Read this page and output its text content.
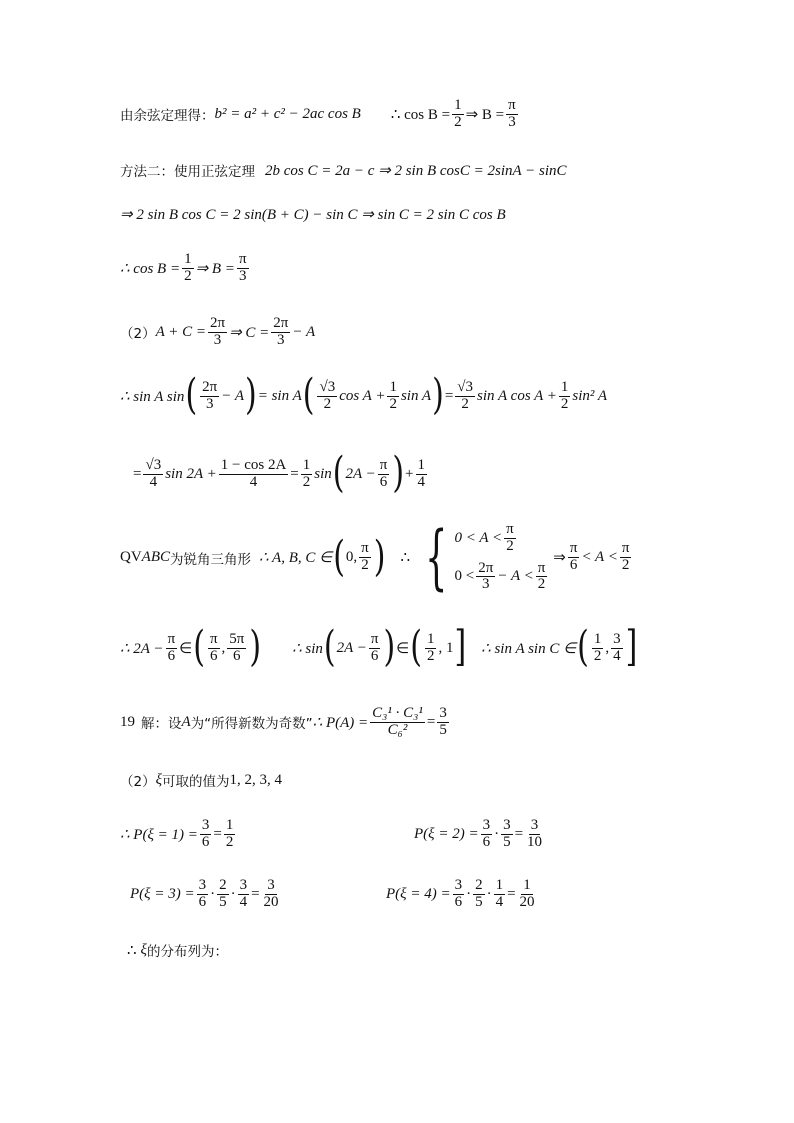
由余弦定理得： b² = a² + c² − 2ac cos B ∴ $\cos B = \frac{1}{2}$ ⇒ $B = \frac{\pi}{3}$
方法二：使用正弦定理 2b cos C = 2a − c ⇒ 2 sin B cosC = 2sinA − sinC
⇒ 2 sin B cos C = 2 sin(B + C) − sin C ⇒ sin C = 2 sin C cos B
∴ $\cos B = \frac{1}{2}$ ⇒ $B = \frac{\pi}{3}$
（2） $A + C = \frac{2\pi}{3}$ ⇒ $C = \frac{2\pi}{3} - A$
∴ sin A sin ( $\frac{2\pi}{3} - A$ ) = sin A ( $\frac{√3}{2}$ $\cos A + \frac{1}{2}$ sin A ) = $\frac{√3}{2}$ sin A $\cos A + \frac{1}{2} \sin^2$ A
= $\frac{√3}{4}$ $\sin 2A + \frac{1 - \cos 2A}{4} = \frac{1}{2}$ sin ( $2A - \frac{\pi}{6}$ ) + $\frac{1}{4}$
QV ABC 为锐角三角形 ∴ A, B, C ∈ ( 0, $\frac{\pi}{2}$ ) ∴ { $0 < A < \frac{\pi}{2}$
$0 < \frac{2\pi}{3} - A < \frac{\pi}{2}$
⇒ $\frac{\pi}{6} < A < \frac{\pi}{2}$
∴ $2A - \frac{\pi}{6}$ ∈ ( $\frac{\pi}{6}$ , $\frac{5\pi}{6}$ ) ∴ sin ( $2A - \frac{\pi}{6}$ ) ∈ ( $\frac{1}{2}$ , 1 ] ∴ sin A sin C ∈ ( $\frac{1}{2}$ , $\frac{3}{4}$ ]
19 解：设 A 为“所得新数为奇数” ∴ $P(A) = \frac{\text{C₃¹ · C₃¹}}{\text{C₆²}} = \frac{3}{5}$
（2） ξ 可取的值为 1, 2, 3, 4
∴ $P(\xi = 1) = \frac{3}{6} = \frac{1}{2}$	$P(\xi = 2) = \frac{3}{6} \cdot \frac{3}{5} = \frac{3}{10}$
$P(\xi = 3) = \frac{3}{6} \cdot \frac{2}{5} \cdot \frac{3}{4} = \frac{3}{20}$	$P(\xi = 4) = \frac{3}{6} \cdot \frac{2}{5} \cdot \frac{1}{4} = \frac{1}{20}$
∴ ξ 的分布列为：
